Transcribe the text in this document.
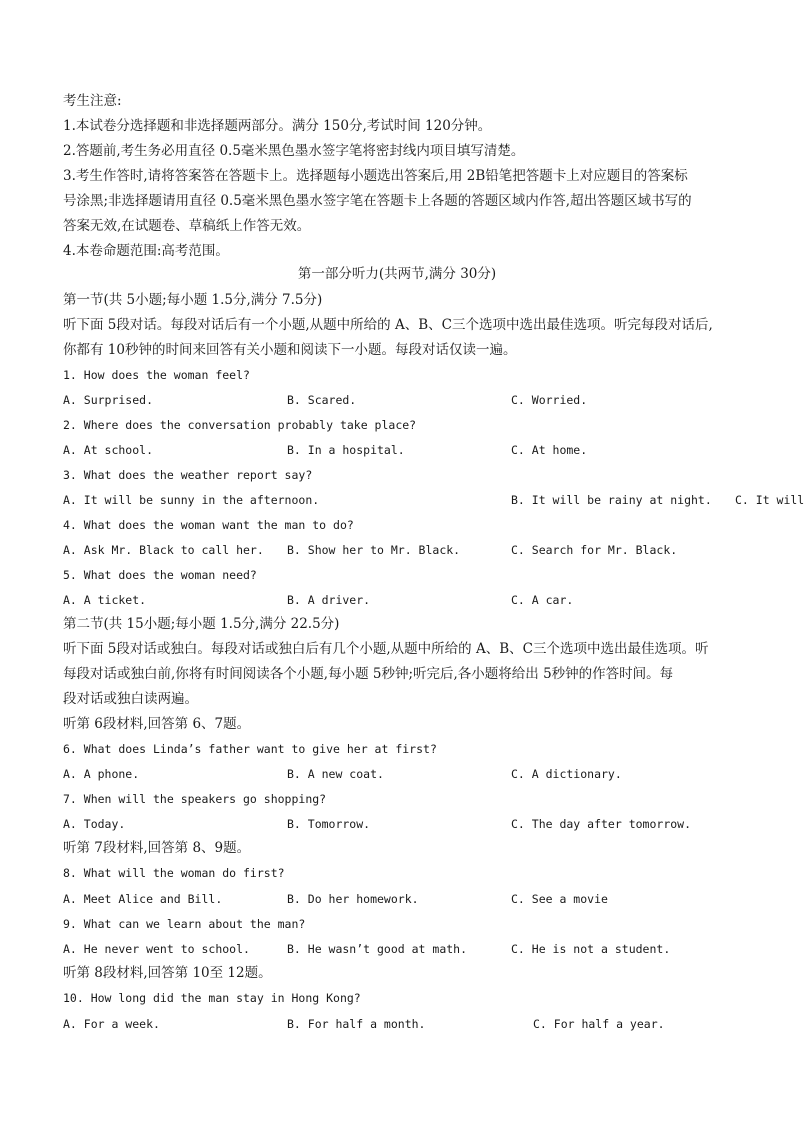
考生注意:
1.本试卷分选择题和非选择题两部分。满分 150分,考试时间 120分钟。
2.答题前,考生务必用直径 0.5毫米黑色墨水签字笔将密封线内项目填写清楚。
3.考生作答时,请将答案答在答题卡上。选择题每小题选出答案后,用 2B铅笔把答题卡上对应题目的答案标
号涂黑;非选择题请用直径 0.5毫米黑色墨水签字笔在答题卡上各题的答题区域内作答,超出答题区域书写的
答案无效,在试题卷、草稿纸上作答无效。
4.本卷命题范围:高考范围。
第一部分听力(共两节,满分 30分)
第一节(共 5小题;每小题 1.5分,满分 7.5分)
听下面 5段对话。每段对话后有一个小题,从题中所给的 A、B、C三个选项中选出最佳选项。听完每段对话后,
你都有 10秒钟的时间来回答有关小题和阅读下一小题。每段对话仅读一遍。
1. How does the woman feel?
A. Surprised.	B. Scared.	C. Worried.
2. Where does the conversation probably take place?
A. At school.	B. In a hospital.	C. At home.
3. What does the weather report say?
A. It will be sunny in the afternoon.	B. It will be rainy at night. C. It will
4. What does the woman want the man to do?
A. Ask Mr. Black to call her. B. Show her to Mr. Black.	C. Search for Mr. Black.
5. What does the woman need?
A. A ticket.	B. A driver.	C. A car.
第二节(共 15小题;每小题 1.5分,满分 22.5分)
听下面 5段对话或独白。每段对话或独白后有几个小题,从题中所给的 A、B、C三个选项中选出最佳选项。听
每段对话或独白前,你将有时间阅读各个小题,每小题 5秒钟;听完后,各小题将给出 5秒钟的作答时间。每
段对话或独白读两遍。
听第 6段材料,回答第 6、7题。
6. What does Linda’s father want to give her at first?
A. A phone.	B. A new coat.	C. A dictionary.
7. When will the speakers go shopping?
A. Today.	B. Tomorrow.	C. The day after tomorrow.
听第 7段材料,回答第 8、9题。
8. What will the woman do first?
A. Meet Alice and Bill.	B. Do her homework.	C. See a movie
9. What can we learn about the man?
A. He never went to school.	B. He wasn’t good at math.	C. He is not a student.
听第 8段材料,回答第 10至 12题。
10. How long did the man stay in Hong Kong?
A. For a week.	B. For half a month.	C. For half a year.
